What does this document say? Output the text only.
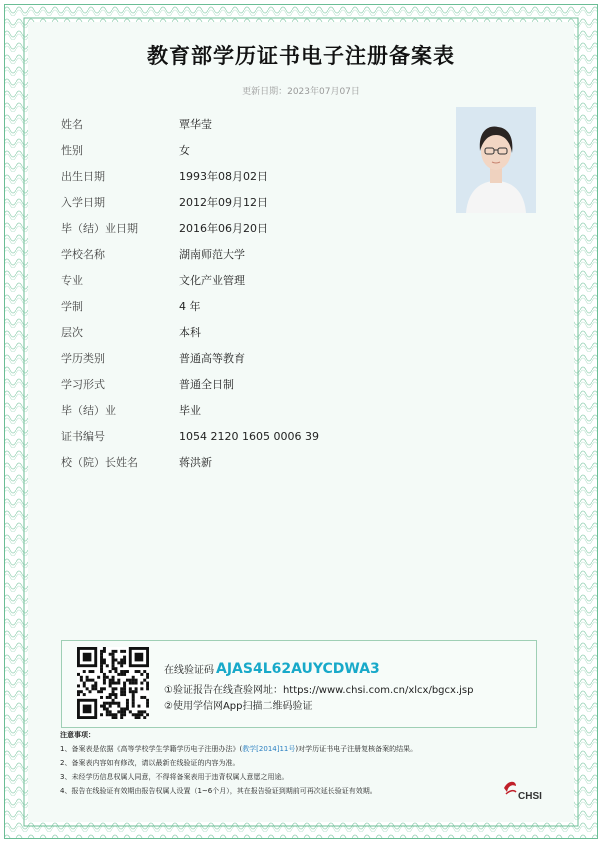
教育部学历证书电子注册备案表
更新日期：2023年07月07日
姓名	覃华莹
性别	女
出生日期	1993年08月02日
入学日期	2012年09月12日
毕（结）业日期	2016年06月20日
学校名称	湖南师范大学
专业	文化产业管理
学制	4 年
层次	本科
学历类别	普通高等教育
学习形式	普通全日制
毕（结）业	毕业
证书编号	1054 2120 1605 0006 39
校（院）长姓名	蒋洪新
在线验证码 AJAS4L62AUYCDWA3
①验证报告在线查验网址：https://www.chsi.com.cn/xlcx/bgcx.jsp
②使用学信网App扫描二维码验证
注意事项：
1、备案表是依据《高等学校学生学籍学历电子注册办法》(教学[2014]11号)对学历证书电子注册复核备案的结果。
2、备案表内容如有修改，请以最新在线验证的内容为准。
3、未经学历信息权属人同意，不得将备案表用于违背权属人意愿之用途。
4、报告在线验证有效期由报告权属人设置（1~6个月），其在报告验证到期前可再次延长验证有效期。	CHSI
